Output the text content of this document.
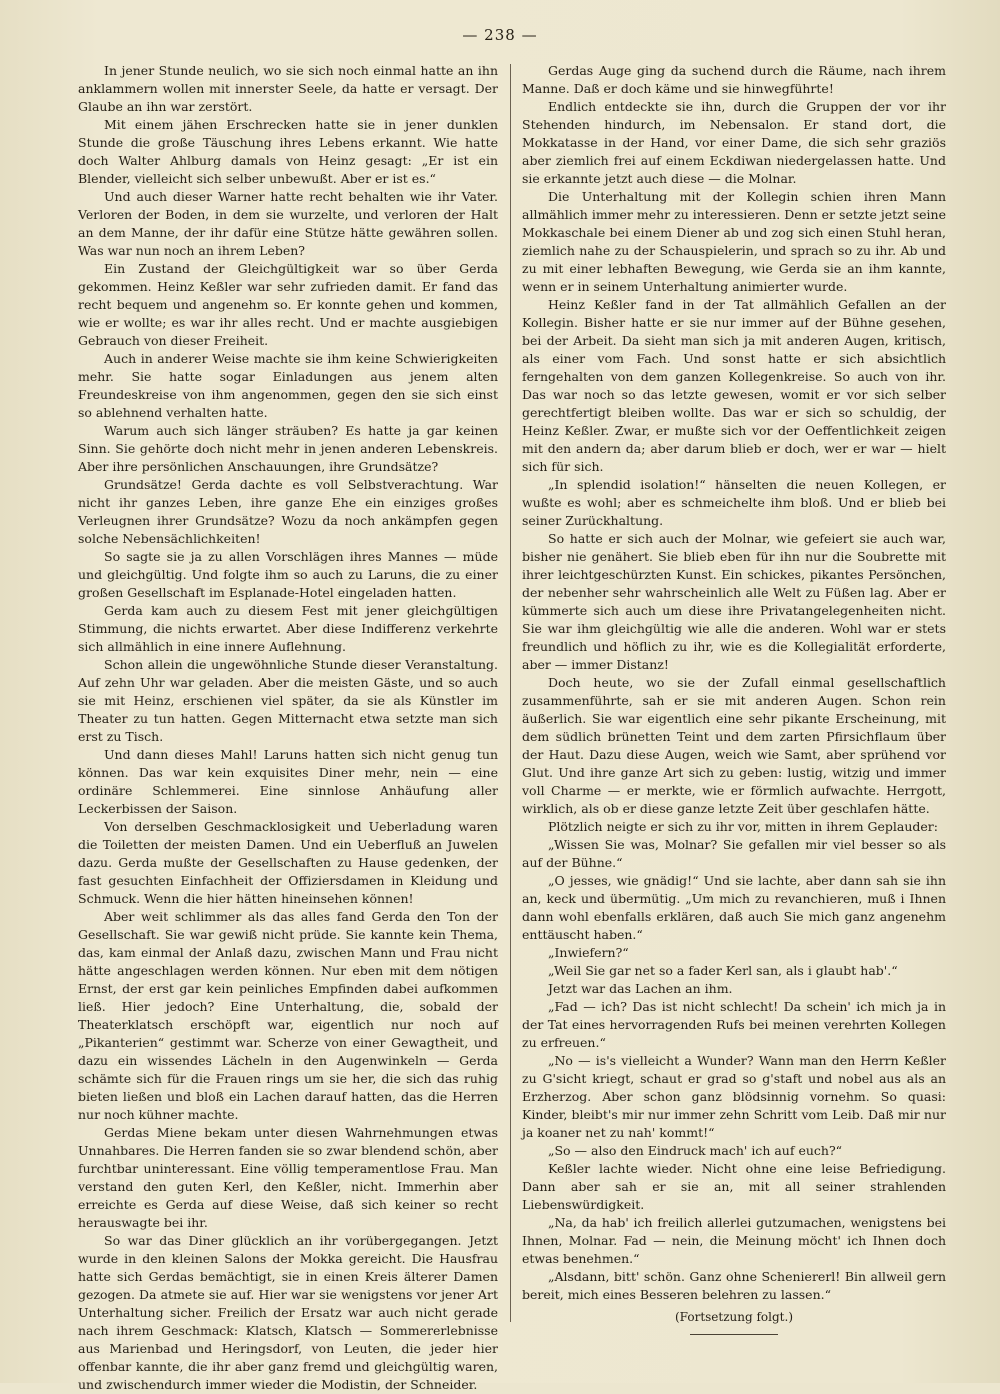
— 238 —

In jener Stunde neulich, wo sie sich noch einmal hatte an ihn anklammern wollen mit innerster Seele, da hatte er versagt. Der Glaube an ihn war zerstört.

Mit einem jähen Erschrecken hatte sie in jener dunklen Stunde die große Täuschung ihres Lebens erkannt. Wie hatte doch Walter Ahlburg damals von Heinz gesagt: „Er ist ein Blender, vielleicht sich selber unbewußt. Aber er ist es.“

Und auch dieser Warner hatte recht behalten wie ihr Vater. Verloren der Boden, in dem sie wurzelte, und verloren der Halt an dem Manne, der ihr dafür eine Stütze hätte gewähren sollen. Was war nun noch an ihrem Leben?

Ein Zustand der Gleichgültigkeit war so über Gerda gekommen. Heinz Keßler war sehr zufrieden damit. Er fand das recht bequem und angenehm so. Er konnte gehen und kommen, wie er wollte; es war ihr alles recht. Und er machte ausgiebigen Gebrauch von dieser Freiheit.

Auch in anderer Weise machte sie ihm keine Schwierigkeiten mehr. Sie hatte sogar Einladungen aus jenem alten Freundeskreise von ihm angenommen, gegen den sie sich einst so ablehnend verhalten hatte.

Warum auch sich länger sträuben? Es hatte ja gar keinen Sinn. Sie gehörte doch nicht mehr in jenen anderen Lebenskreis. Aber ihre persönlichen Anschauungen, ihre Grundsätze?

Grundsätze! Gerda dachte es voll Selbstverachtung. War nicht ihr ganzes Leben, ihre ganze Ehe ein einziges großes Verleugnen ihrer Grundsätze? Wozu da noch ankämpfen gegen solche Nebensächlichkeiten!

So sagte sie ja zu allen Vorschlägen ihres Mannes — müde und gleichgültig. Und folgte ihm so auch zu Laruns, die zu einer großen Gesellschaft im Esplanade-Hotel eingeladen hatten.

Gerda kam auch zu diesem Fest mit jener gleichgültigen Stimmung, die nichts erwartet. Aber diese Indifferenz verkehrte sich allmählich in eine innere Auflehnung.

Schon allein die ungewöhnliche Stunde dieser Veranstaltung. Auf zehn Uhr war geladen. Aber die meisten Gäste, und so auch sie mit Heinz, erschienen viel später, da sie als Künstler im Theater zu tun hatten. Gegen Mitternacht etwa setzte man sich erst zu Tisch.

Und dann dieses Mahl! Laruns hatten sich nicht genug tun können. Das war kein exquisites Diner mehr, nein — eine ordinäre Schlemmerei. Eine sinnlose Anhäufung aller Leckerbissen der Saison.

Von derselben Geschmacklosigkeit und Ueberladung waren die Toiletten der meisten Damen. Und ein Ueberfluß an Juwelen dazu. Gerda mußte der Gesellschaften zu Hause gedenken, der fast gesuchten Einfachheit der Offiziersdamen in Kleidung und Schmuck. Wenn die hier hätten hineinsehen können!

Aber weit schlimmer als das alles fand Gerda den Ton der Gesellschaft. Sie war gewiß nicht prüde. Sie kannte kein Thema, das, kam einmal der Anlaß dazu, zwischen Mann und Frau nicht hätte angeschlagen werden können. Nur eben mit dem nötigen Ernst, der erst gar kein peinliches Empfinden dabei aufkommen ließ. Hier jedoch? Eine Unterhaltung, die, sobald der Theaterklatsch erschöpft war, eigentlich nur noch auf „Pikanterien“ gestimmt war. Scherze von einer Gewagtheit, und dazu ein wissendes Lächeln in den Augenwinkeln — Gerda schämte sich für die Frauen rings um sie her, die sich das ruhig bieten ließen und bloß ein Lachen darauf hatten, das die Herren nur noch kühner machte.

Gerdas Miene bekam unter diesen Wahrnehmungen etwas Unnahbares. Die Herren fanden sie so zwar blendend schön, aber furchtbar uninteressant. Eine völlig temperamentlose Frau. Man verstand den guten Kerl, den Keßler, nicht. Immerhin aber erreichte es Gerda auf diese Weise, daß sich keiner so recht herauswagte bei ihr.

So war das Diner glücklich an ihr vorübergegangen. Jetzt wurde in den kleinen Salons der Mokka gereicht. Die Hausfrau hatte sich Gerdas bemächtigt, sie in einen Kreis älterer Damen gezogen. Da atmete sie auf. Hier war sie wenigstens vor jener Art Unterhaltung sicher. Freilich der Ersatz war auch nicht gerade nach ihrem Geschmack: Klatsch, Klatsch — Sommererlebnisse aus Marienbad und Heringsdorf, von Leuten, die jeder hier offenbar kannte, die ihr aber ganz fremd und gleichgültig waren, und zwischendurch immer wieder die Modistin, der Schneider.

Gerdas Auge ging da suchend durch die Räume, nach ihrem Manne. Daß er doch käme und sie hinwegführte!

Endlich entdeckte sie ihn, durch die Gruppen der vor ihr Stehenden hindurch, im Nebensalon. Er stand dort, die Mokkatasse in der Hand, vor einer Dame, die sich sehr graziös aber ziemlich frei auf einem Eckdiwan niedergelassen hatte. Und sie erkannte jetzt auch diese — die Molnar.

Die Unterhaltung mit der Kollegin schien ihren Mann allmählich immer mehr zu interessieren. Denn er setzte jetzt seine Mokkaschale bei einem Diener ab und zog sich einen Stuhl heran, ziemlich nahe zu der Schauspielerin, und sprach so zu ihr. Ab und zu mit einer lebhaften Bewegung, wie Gerda sie an ihm kannte, wenn er in seinem Unterhaltung animierter wurde.

Heinz Keßler fand in der Tat allmählich Gefallen an der Kollegin. Bisher hatte er sie nur immer auf der Bühne gesehen, bei der Arbeit. Da sieht man sich ja mit anderen Augen, kritisch, als einer vom Fach. Und sonst hatte er sich absichtlich ferngehalten von dem ganzen Kollegenkreise. So auch von ihr. Das war noch so das letzte gewesen, womit er vor sich selber gerechtfertigt bleiben wollte. Das war er sich so schuldig, der Heinz Keßler. Zwar, er mußte sich vor der Oeffentlichkeit zeigen mit den andern da; aber darum blieb er doch, wer er war — hielt sich für sich.

„In splendid isolation!“ hänselten die neuen Kollegen, er wußte es wohl; aber es schmeichelte ihm bloß. Und er blieb bei seiner Zurückhaltung.

So hatte er sich auch der Molnar, wie gefeiert sie auch war, bisher nie genähert. Sie blieb eben für ihn nur die Soubrette mit ihrer leichtgeschürzten Kunst. Ein schickes, pikantes Persönchen, der nebenher sehr wahrscheinlich alle Welt zu Füßen lag. Aber er kümmerte sich auch um diese ihre Privatangelegenheiten nicht. Sie war ihm gleichgültig wie alle die anderen. Wohl war er stets freundlich und höflich zu ihr, wie es die Kollegialität erforderte, aber — immer Distanz!

Doch heute, wo sie der Zufall einmal gesellschaftlich zusammenführte, sah er sie mit anderen Augen. Schon rein äußerlich. Sie war eigentlich eine sehr pikante Erscheinung, mit dem südlich brünetten Teint und dem zarten Pfirsichflaum über der Haut. Dazu diese Augen, weich wie Samt, aber sprühend vor Glut. Und ihre ganze Art sich zu geben: lustig, witzig und immer voll Charme — er merkte, wie er förmlich aufwachte. Herrgott, wirklich, als ob er diese ganze letzte Zeit über geschlafen hätte.

Plötzlich neigte er sich zu ihr vor, mitten in ihrem Geplauder:

„Wissen Sie was, Molnar? Sie gefallen mir viel besser so als auf der Bühne.“

„O jesses, wie gnädig!“ Und sie lachte, aber dann sah sie ihn an, keck und übermütig. „Um mich zu revanchieren, muß i Ihnen dann wohl ebenfalls erklären, daß auch Sie mich ganz angenehm enttäuscht haben.“

„Inwiefern?“

„Weil Sie gar net so a fader Kerl san, als i glaubt hab'.“

Jetzt war das Lachen an ihm.

„Fad — ich? Das ist nicht schlecht! Da schein' ich mich ja in der Tat eines hervorragenden Rufs bei meinen verehrten Kollegen zu erfreuen.“

„No — is's vielleicht a Wunder? Wann man den Herrn Keßler zu G'sicht kriegt, schaut er grad so g'staft und nobel aus als an Erzherzog. Aber schon ganz blödsinnig vornehm. So quasi: Kinder, bleibt's mir nur immer zehn Schritt vom Leib. Daß mir nur ja koaner net zu nah' kommt!“

„So — also den Eindruck mach' ich auf euch?“

Keßler lachte wieder. Nicht ohne eine leise Befriedigung. Dann aber sah er sie an, mit all seiner strahlenden Liebenswürdigkeit.

„Na, da hab' ich freilich allerlei gutzumachen, wenigstens bei Ihnen, Molnar. Fad — nein, die Meinung möcht' ich Ihnen doch etwas benehmen.“

„Alsdann, bitt' schön. Ganz ohne Scheniererl! Bin allweil gern bereit, mich eines Besseren belehren zu lassen.“

(Fortsetzung folgt.)
